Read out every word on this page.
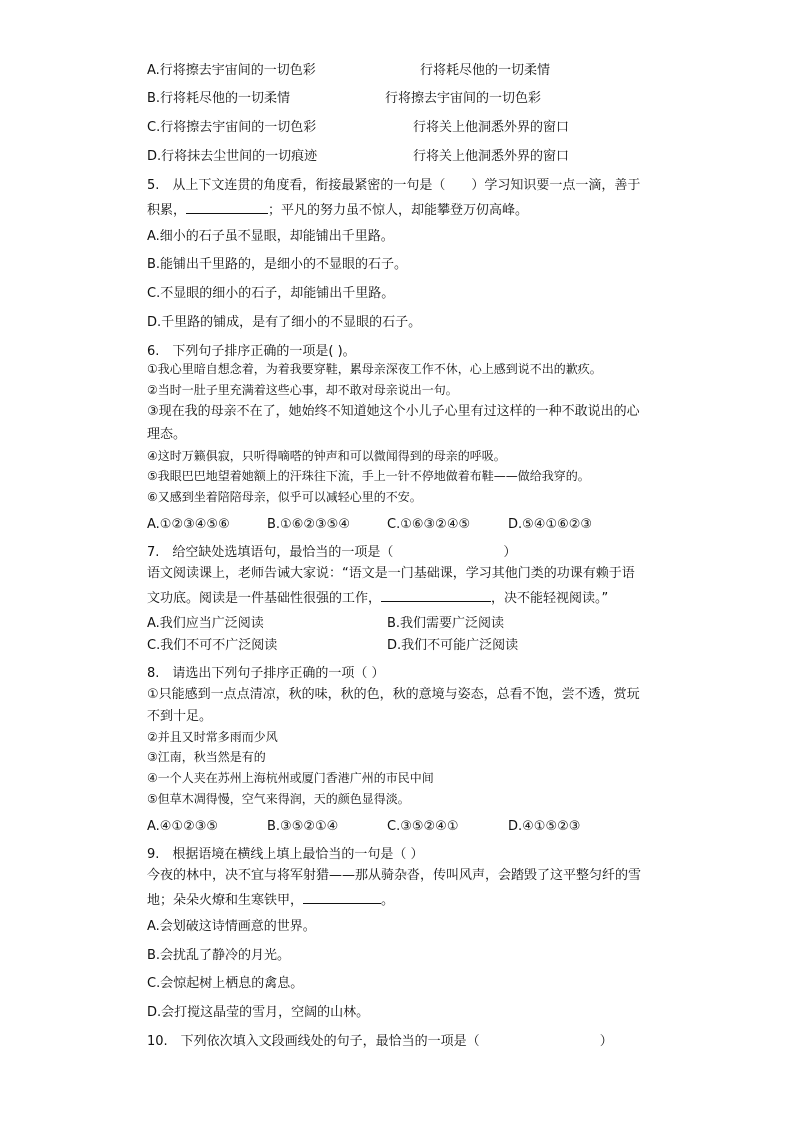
A.行将擦去宇宙间的一切色彩	行将耗尽他的一切柔情
B.行将耗尽他的一切柔情	行将擦去宇宙间的一切色彩
C.行将擦去宇宙间的一切色彩	行将关上他洞悉外界的窗口
D.行将抹去尘世间的一切痕迹	行将关上他洞悉外界的窗口
5.　从上下文连贯的角度看，衔接最紧密的一句是（　　）学习知识要一点一滴，善于
积累，	；平凡的努力虽不惊人，却能攀登万仞高峰。
A.细小的石子虽不显眼，却能铺出千里路。
B.能铺出千里路的，是细小的不显眼的石子。
C.不显眼的细小的石子，却能铺出千里路。
D.千里路的铺成，是有了细小的不显眼的石子。
6.　下列句子排序正确的一项是( )。
①我心里暗自想念着，为着我要穿鞋，累母亲深夜工作不休，心上感到说不出的歉疚。
②当时一肚子里充满着这些心事，却不敢对母亲说出一句。
③现在我的母亲不在了，她始终不知道她这个小儿子心里有过这样的一种不敢说出的心
理态。
④这时万籁俱寂，只听得嘀嗒的钟声和可以微闻得到的母亲的呼吸。
⑤我眼巴巴地望着她额上的汗珠往下流，手上一针不停地做着布鞋——做给我穿的。
⑥又感到坐着陪陪母亲，似乎可以减轻心里的不安。
A.①②③④⑤⑥	B.①⑥②③⑤④	C.①⑥③②④⑤	D.⑤④①⑥②③
7.　给空缺处选填语句，最恰当的一项是（	）
语文阅读课上，老师告诫大家说：“语文是一门基础课，学习其他门类的功课有赖于语
文功底。阅读是一件基础性很强的工作，	，决不能轻视阅读。”
A.我们应当广泛阅读	B.我们需要广泛阅读
C.我们不可不广泛阅读	D.我们不可能广泛阅读
8.　请选出下列句子排序正确的一项（ ）
①只能感到一点点清凉，秋的味，秋的色，秋的意境与姿态，总看不饱，尝不透，赏玩
不到十足。
②并且又时常多雨而少风
③江南，秋当然是有的
④一个人夹在苏州上海杭州或厦门香港广州的市民中间
⑤但草木凋得慢，空气来得润，天的颜色显得淡。
A.④①②③⑤	B.③⑤②①④	C.③⑤②④①	D.④①⑤②③
9.　根据语境在横线上填上最恰当的一句是（ ）
今夜的林中，决不宜与将军射猎——那从骑杂沓，传叫风声，会踏毁了这平整匀纤的雪
地；朵朵火燎和生寒铁甲，	。
A.会划破这诗情画意的世界。
B.会扰乱了静冷的月光。
C.会惊起树上栖息的禽息。
D.会打搅这晶莹的雪月，空阔的山林。
10.　下列依次填入文段画线处的句子，最恰当的一项是（	）
